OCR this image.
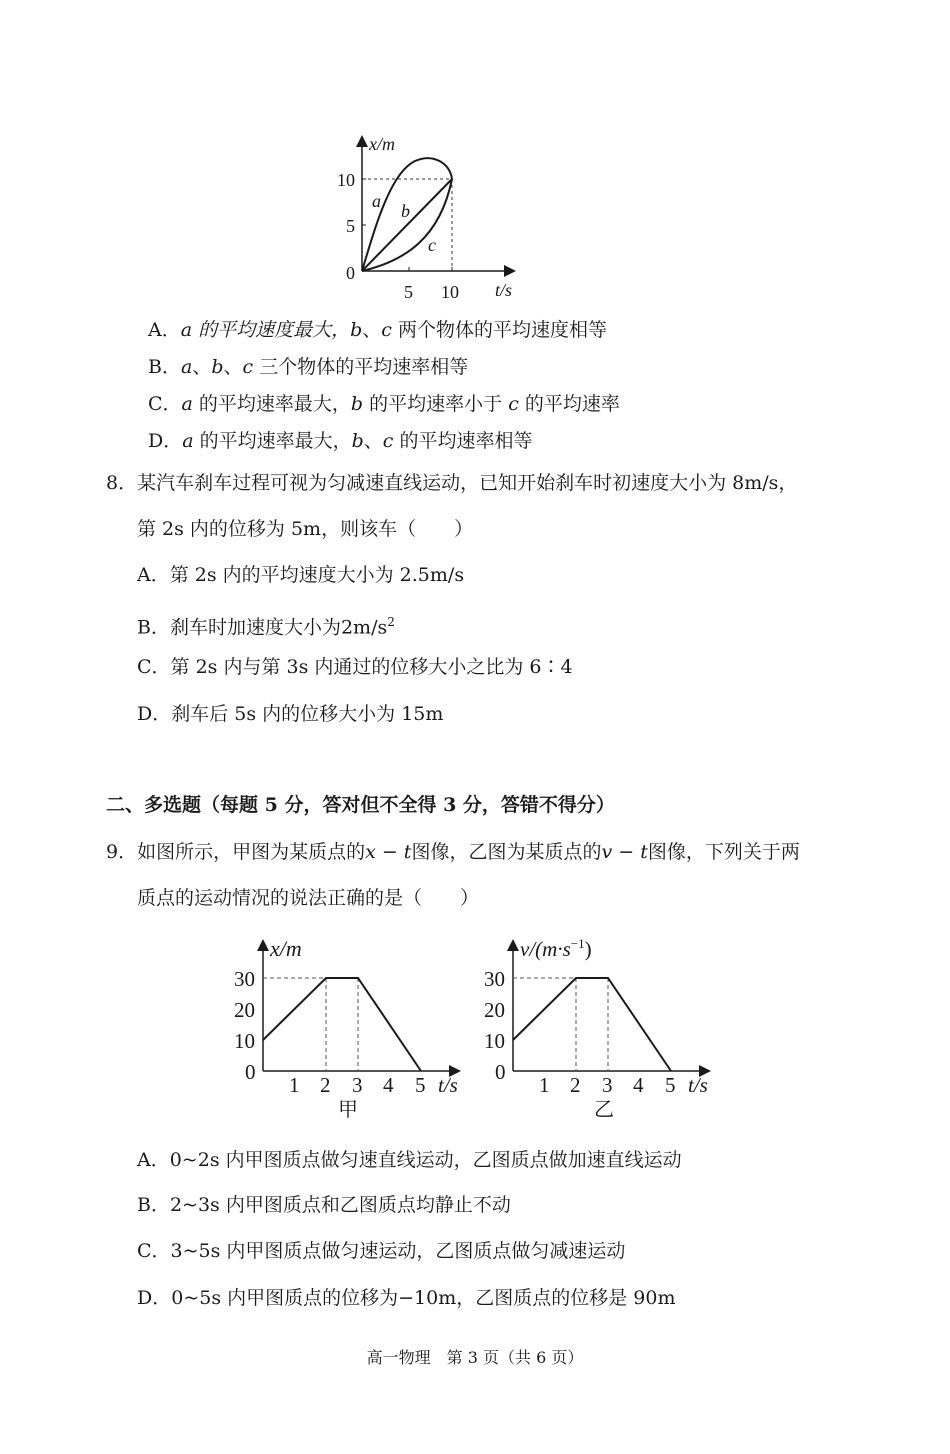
x/m
t/s
10
5
0
5 10
a b
c
A．a 的平均速度最大，b、c 两个物体的平均速度相等
B．a、b、c 三个物体的平均速率相等
C．a 的平均速率最大，b 的平均速率小于 c 的平均速率
D．a 的平均速率最大，b、c 的平均速率相等
8．某汽车刹车过程可视为匀减速直线运动，已知开始刹车时初速度大小为 8m/s，
第 2s 内的位移为 5m，则该车（　　）
A．第 2s 内的平均速度大小为 2.5m/s
B．刹车时加速度大小为$2m/s^2$
C．第 2s 内与第 3s 内通过的位移大小之比为 6∶4
D．刹车后 5s 内的位移大小为 15m
二、多选题（每题 5 分，答对但不全得 3 分，答错不得分）
9．如图所示，甲图为某质点的x − t图像，乙图为某质点的v − t图像，下列关于两
质点的运动情况的说法正确的是（　　）
x/m
30
20
10
0
1 2 3 4 5 t/s
甲
$v/(m\cdot s^{-1})$
30
20
10
0
1 2 3 4 5 t/s
乙
A．0~2s 内甲图质点做匀速直线运动，乙图质点做加速直线运动
B．2~3s 内甲图质点和乙图质点均静止不动
C．3~5s 内甲图质点做匀速运动，乙图质点做匀减速运动
D．0~5s 内甲图质点的位移为−10m，乙图质点的位移是 90m
高一物理　第 3 页（共 6 页）
